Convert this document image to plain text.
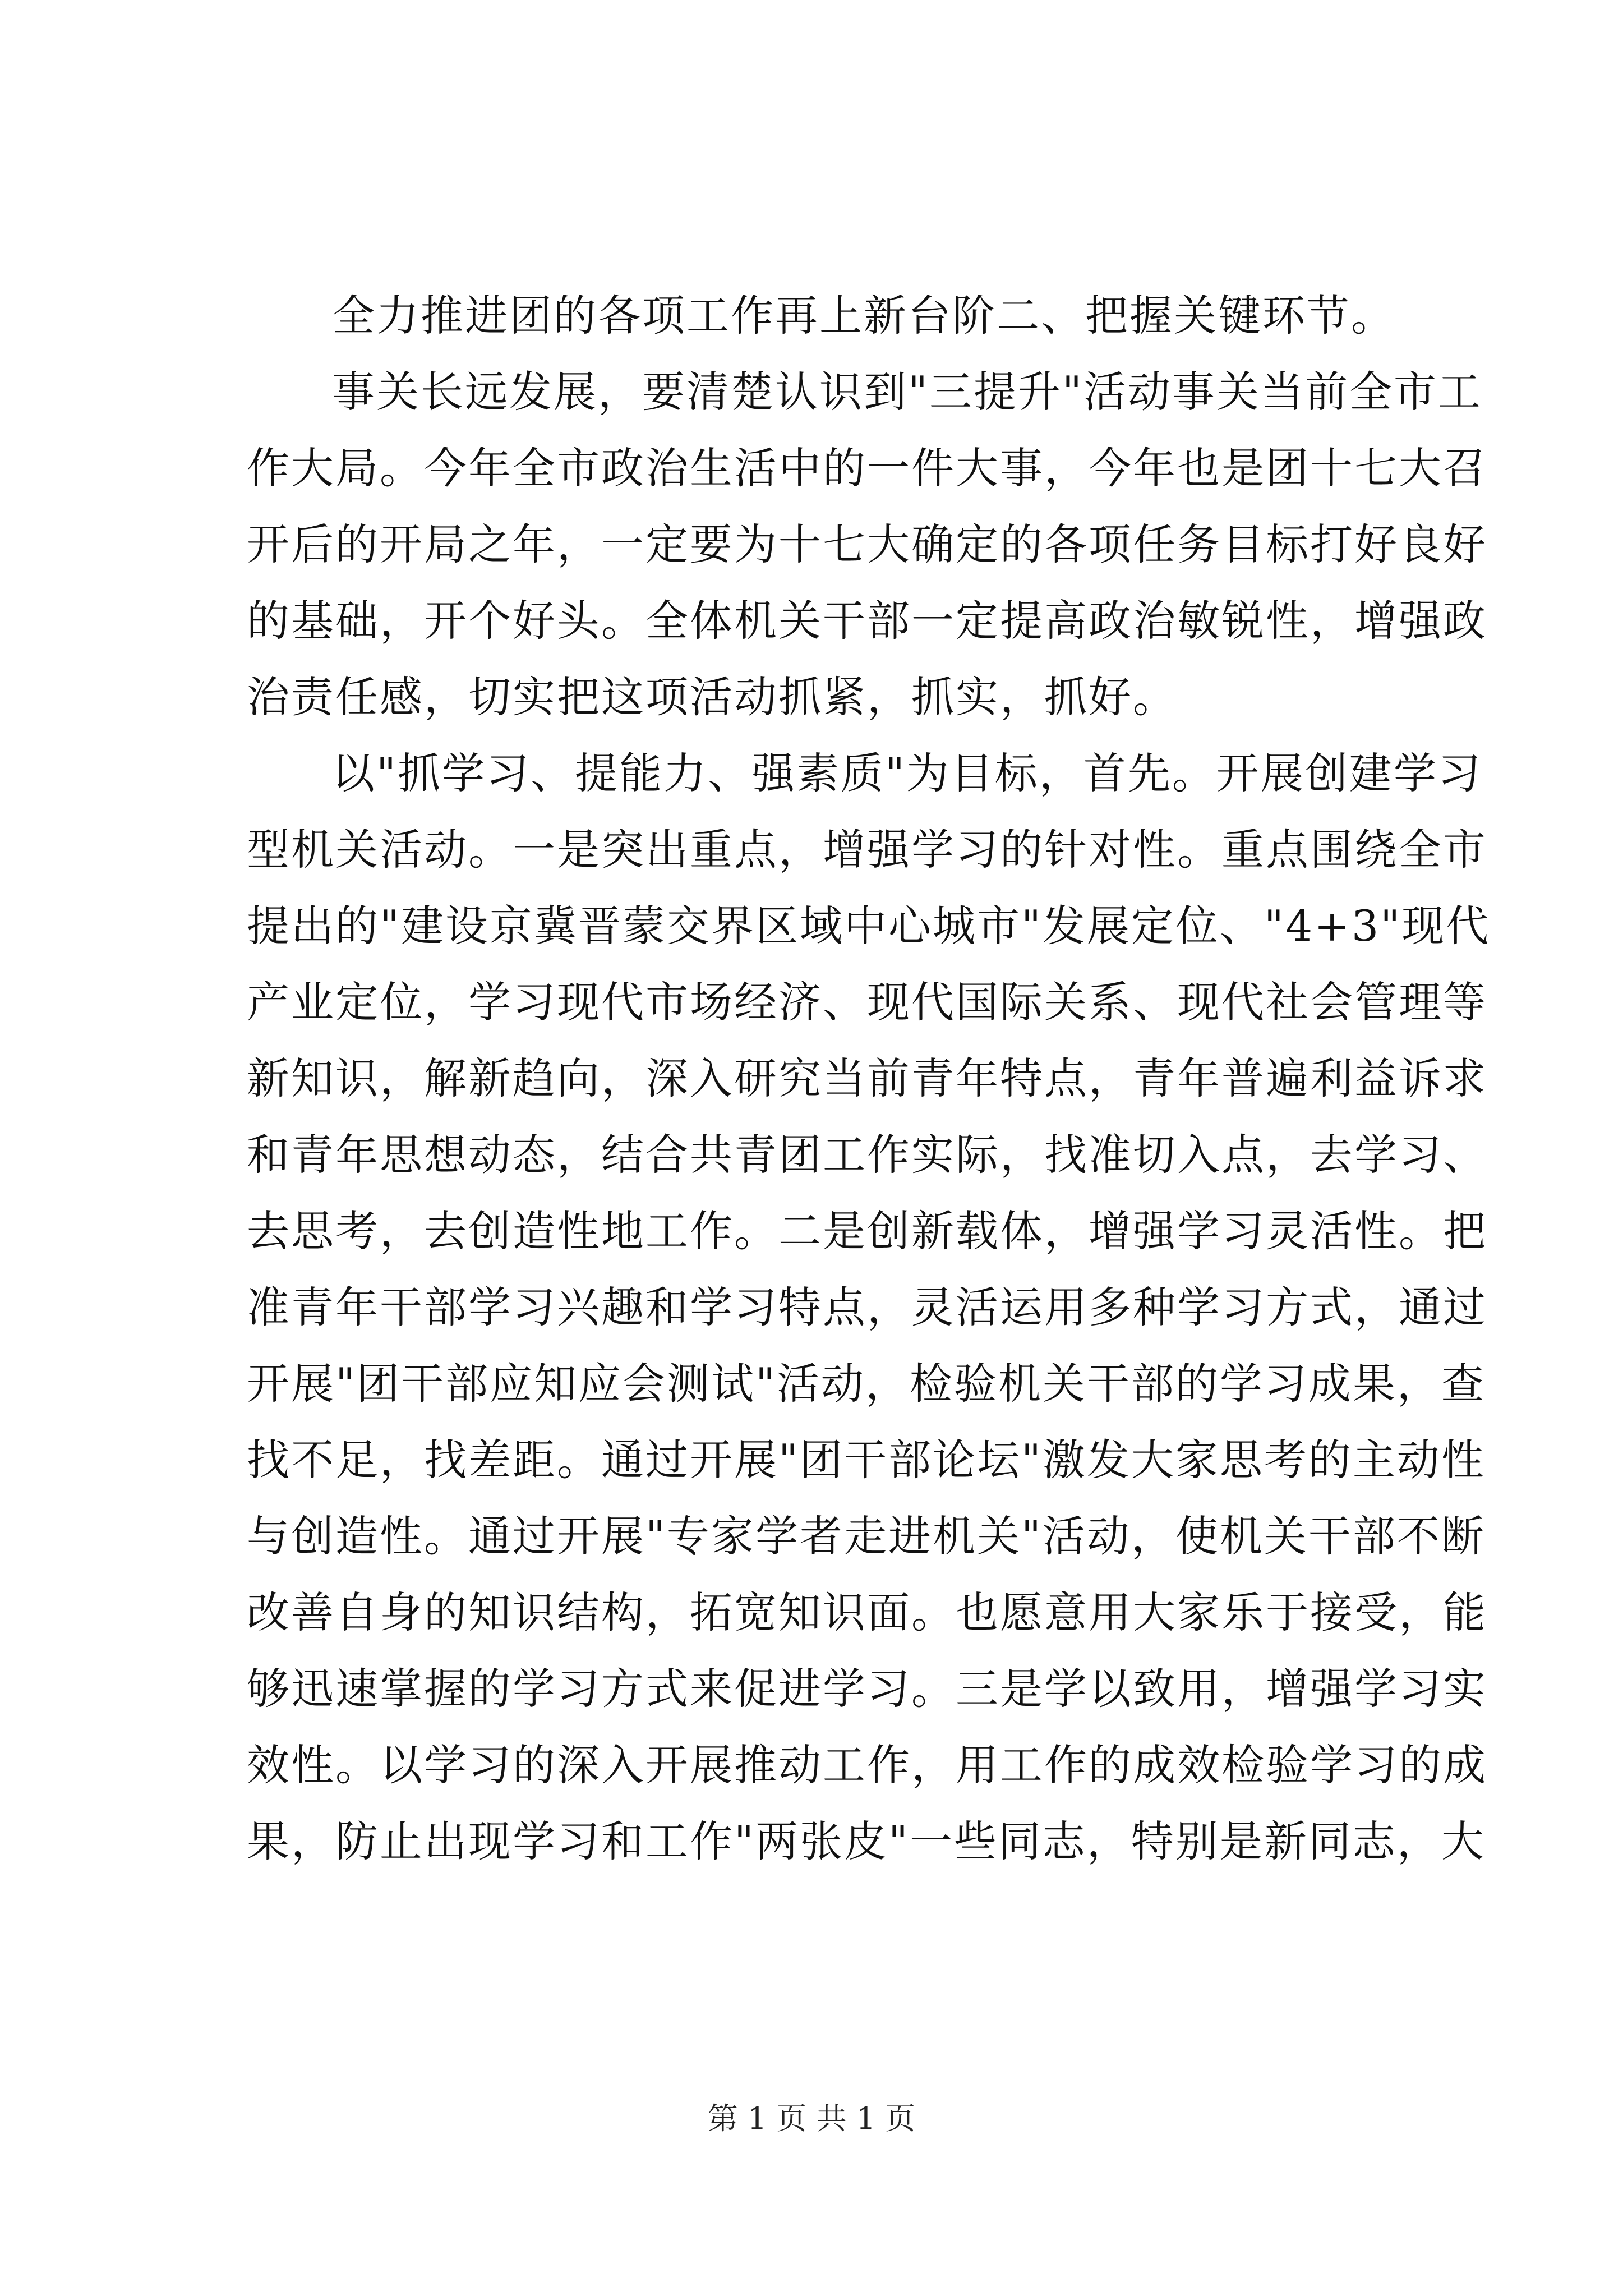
全力推进团的各项工作再上新台阶二、把握关键环节。
事关长远发展，要清楚认识到"三提升"活动事关当前全市工
作大局。今年全市政治生活中的一件大事，今年也是团十七大召
开后的开局之年，一定要为十七大确定的各项任务目标打好良好
的基础，开个好头。全体机关干部一定提高政治敏锐性，增强政
治责任感，切实把这项活动抓紧，抓实，抓好。
以"抓学习、提能力、强素质"为目标，首先。开展创建学习
型机关活动。一是突出重点，增强学习的针对性。重点围绕全市
提出的"建设京冀晋蒙交界区域中心城市"发展定位、"4+3"现代
产业定位，学习现代市场经济、现代国际关系、现代社会管理等
新知识，解新趋向，深入研究当前青年特点，青年普遍利益诉求
和青年思想动态，结合共青团工作实际，找准切入点，去学习、
去思考，去创造性地工作。二是创新载体，增强学习灵活性。把
准青年干部学习兴趣和学习特点，灵活运用多种学习方式，通过
开展"团干部应知应会测试"活动，检验机关干部的学习成果，查
找不足，找差距。通过开展"团干部论坛"激发大家思考的主动性
与创造性。通过开展"专家学者走进机关"活动，使机关干部不断
改善自身的知识结构，拓宽知识面。也愿意用大家乐于接受，能
够迅速掌握的学习方式来促进学习。三是学以致用，增强学习实
效性。以学习的深入开展推动工作，用工作的成效检验学习的成
果，防止出现学习和工作"两张皮"一些同志，特别是新同志，大
第 1 页 共 1 页
